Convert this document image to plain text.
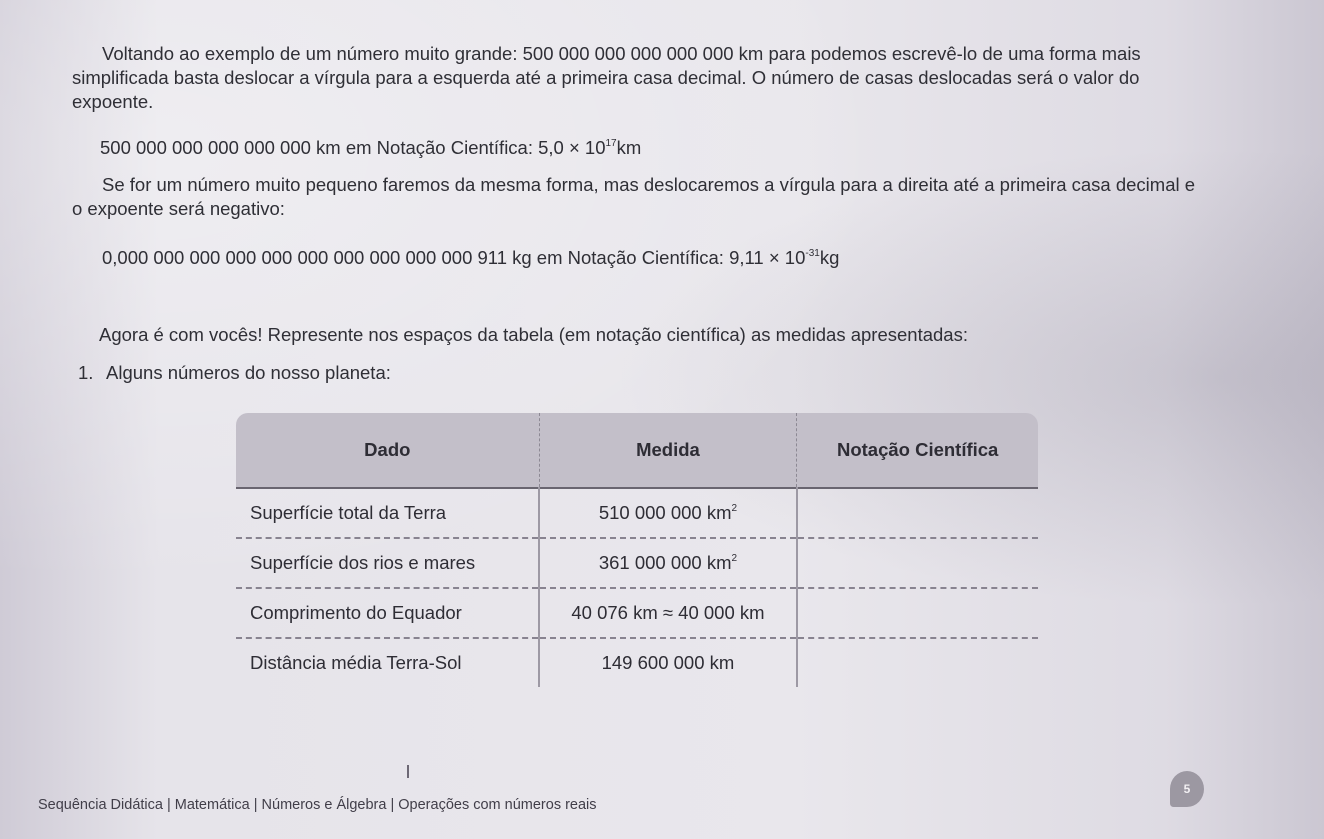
Voltando ao exemplo de um número muito grande: 500 000 000 000 000 000 km para podemos escrevê-lo de uma forma mais simplificada basta deslocar a vírgula para a esquerda até a primeira casa decimal. O número de casas deslocadas será o valor do expoente.

500 000 000 000 000 000 km em Notação Científica: $5,0 \times 10^{17}km$

Se for um número muito pequeno faremos da mesma forma, mas deslocaremos a vírgula para a direita até a primeira casa decimal e o expoente será negativo:

0,000 000 000 000 000 000 000 000 000 000 911 kg em Notação Científica: $9,11 \times 10^{-31}kg$
Agora é com vocês! Represente nos espaços da tabela (em notação científica) as medidas apresentadas:
1. Alguns números do nosso planeta:
Dado	Medida	Notação Científica
Superfície total da Terra	510 000 000 $km^2$	
Superfície dos rios e mares	361 000 000 $km^2$	
Comprimento do Equador	40 076 km ≈ 40 000 km	
Distância média Terra-Sol	149 600 000 km	
Sequência Didática | Matemática | Números e Álgebra | Operações com números reais
5
